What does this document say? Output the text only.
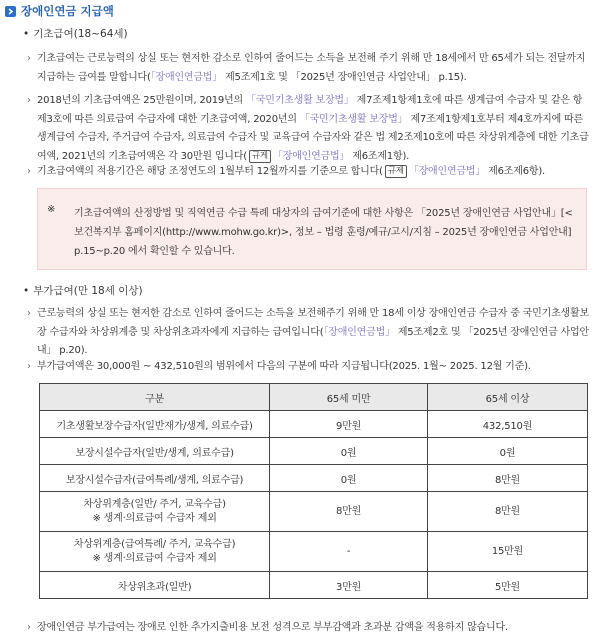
장애인연금 지급액
• 기초급여(18~64세)
› 기초급여는 근로능력의 상실 또는 현저한 감소로 인하여 줄어드는 소득을 보전해 주기 위해 만 18세에서 만 65세가 되는 전달까지 지급하는 급여를 말합니다(「장애인연금법」 제5조제1호 및 「2025년 장애인연금 사업안내」 p.15).
› 2018년의 기초급여액은 25만원이며, 2019년의 「국민기초생활 보장법」 제7조제1항제1호에 따른 생계급여 수급자 및 같은 항 제3호에 따른 의료급여 수급자에 대한 기초급여액, 2020년의 「국민기초생활 보장법」 제7조제1항제1호부터 제4호까지에 따른 생계급여 수급자, 주거급여 수급자, 의료급여 수급자 및 교육급여 수급자와 같은 법 제2조제10호에 따른 차상위계층에 대한 기초급여액, 2021년의 기초급여액은 각 30만원 입니다( 규게 「장애인연금법」 제6조제1항).
› 기초급여액의 적용기간은 해당 조정연도의 1월부터 12월까지를 기준으로 합니다( 규제 「장애인연금법」 제6조제6항).
※ 기초급여액의 산정방법 및 직역연금 수급 특례 대상자의 급여기준에 대한 사항은 「2025년 장애인연금 사업안내」[<보건복지부 홈페이지(http://www.mohw.go.kr)>, 정보 – 법령 훈령/예규/고시/지침 – 2025년 장애인연금 사업안내] p.15~p.20 에서 확인할 수 있습니다.
• 부가급여(만 18세 이상)
› 근로능력의 상실 또는 현저한 감소로 인하여 줄어드는 소득을 보전해주기 위해 만 18세 이상 장애인연금 수급자 중 국민기초생활보장 수급자와 차상위계층 및 차상위초과자에게 지급하는 급여입니다(「장애인연금법」 제5조제2호 및 「2025년 장애인연금 사업안내」 p.20).
› 부가급여액은 30,000원 ~ 432,510원의 범위에서 다음의 구분에 따라 지급됩니다(2025. 1월~ 2025. 12월 기준).
구분	65세 미만	65세 이상
기초생활보장수급자(일반재가/생계, 의료수급)	9만원	432,510원
보장시설수급자(일반/생계, 의료수급)	0원	0원
보장시설수급자(급여특례/생계, 의료수급)	0원	8만원

차상위계층(일반/ 주거, 교육수급)
※ 생계·의료급여 수급자 제외	8만원	8만원

차상위계층(급여특례/ 주거, 교육수급)
※ 생계·의료급여 수급자 제외	-	15만원
차상위초과(일반)	3만원	5만원
› 장애인연금 부가급여는 장애로 인한 추가지출비용 보전 성격으로 부부감액과 초과분 감액을 적용하지 않습니다.
